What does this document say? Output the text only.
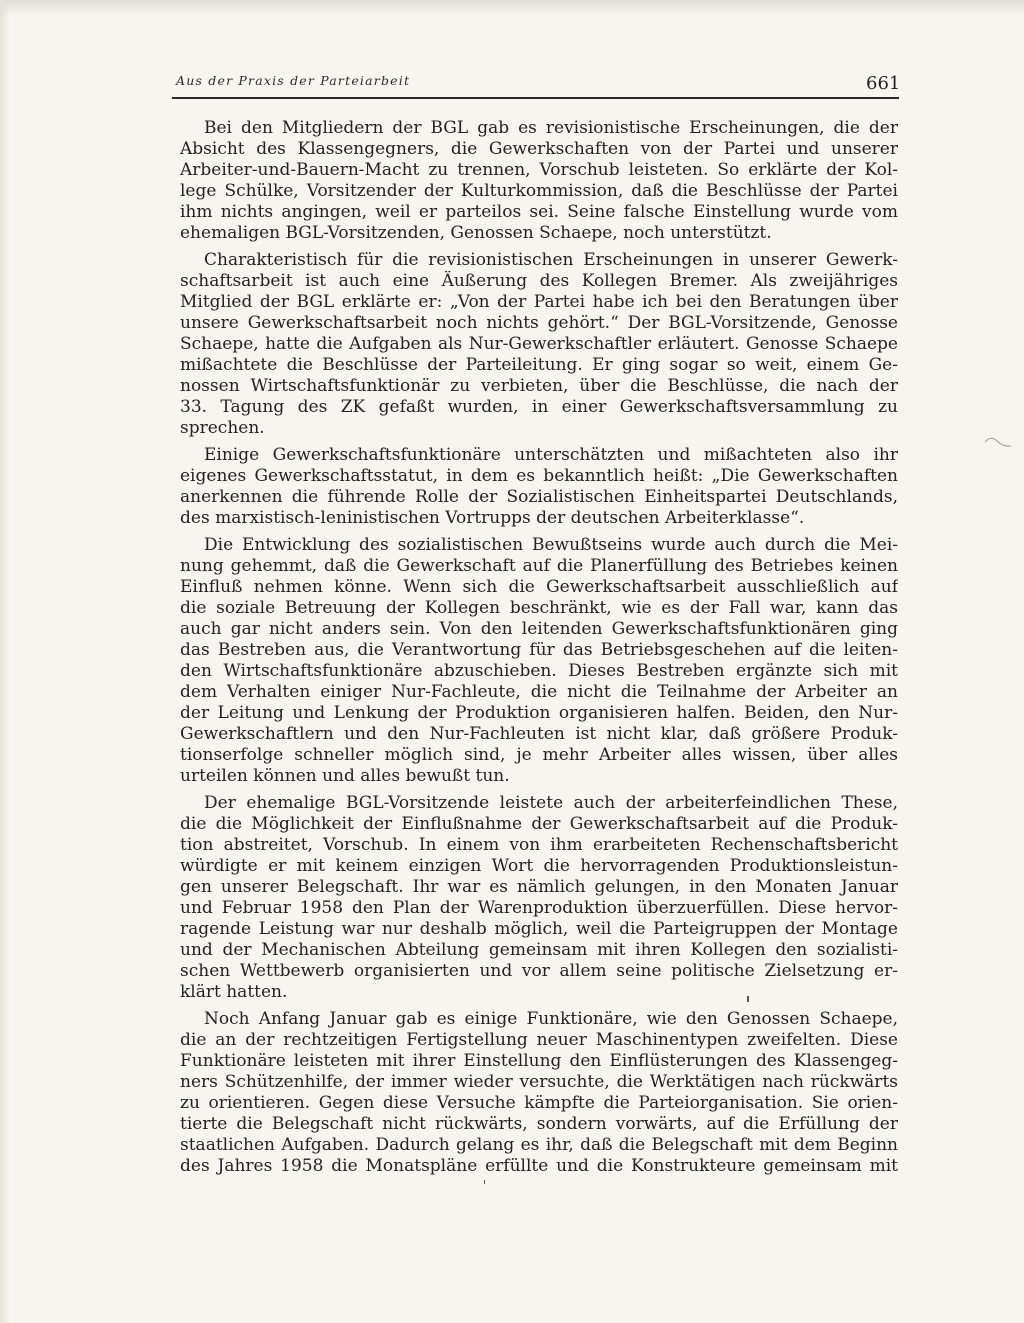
Aus der Praxis der Parteiarbeit	661
Bei den Mitgliedern der BGL gab es revisionistische Erscheinungen, die der
Absicht des Klassengegners, die Gewerkschaften von der Partei und unserer
Arbeiter-und-Bauern-Macht zu trennen, Vorschub leisteten. So erklärte der Kol-
lege Schülke, Vorsitzender der Kulturkommission, daß die Beschlüsse der Partei
ihm nichts angingen, weil er parteilos sei. Seine falsche Einstellung wurde vom
ehemaligen BGL-Vorsitzenden, Genossen Schaepe, noch unterstützt.
Charakteristisch für die revisionistischen Erscheinungen in unserer Gewerk-
schaftsarbeit ist auch eine Äußerung des Kollegen Bremer. Als zweijähriges
Mitglied der BGL erklärte er: „Von der Partei habe ich bei den Beratungen über
unsere Gewerkschaftsarbeit noch nichts gehört.“ Der BGL-Vorsitzende, Genosse
Schaepe, hatte die Aufgaben als Nur-Gewerkschaftler erläutert. Genosse Schaepe
mißachtete die Beschlüsse der Parteileitung. Er ging sogar so weit, einem Ge-
nossen Wirtschaftsfunktionär zu verbieten, über die Beschlüsse, die nach der
33. Tagung des ZK gefaßt wurden, in einer Gewerkschaftsversammlung zu
sprechen.
Einige Gewerkschaftsfunktionäre unterschätzten und mißachteten also ihr
eigenes Gewerkschaftsstatut, in dem es bekanntlich heißt: „Die Gewerkschaften
anerkennen die führende Rolle der Sozialistischen Einheitspartei Deutschlands,
des marxistisch-leninistischen Vortrupps der deutschen Arbeiterklasse“.
Die Entwicklung des sozialistischen Bewußtseins wurde auch durch die Mei-
nung gehemmt, daß die Gewerkschaft auf die Planerfüllung des Betriebes keinen
Einfluß nehmen könne. Wenn sich die Gewerkschaftsarbeit ausschließlich auf
die soziale Betreuung der Kollegen beschränkt, wie es der Fall war, kann das
auch gar nicht anders sein. Von den leitenden Gewerkschaftsfunktionären ging
das Bestreben aus, die Verantwortung für das Betriebsgeschehen auf die leiten-
den Wirtschaftsfunktionäre abzuschieben. Dieses Bestreben ergänzte sich mit
dem Verhalten einiger Nur-Fachleute, die nicht die Teilnahme der Arbeiter an
der Leitung und Lenkung der Produktion organisieren halfen. Beiden, den Nur-
Gewerkschaftlern und den Nur-Fachleuten ist nicht klar, daß größere Produk-
tionserfolge schneller möglich sind, je mehr Arbeiter alles wissen, über alles
urteilen können und alles bewußt tun.
Der ehemalige BGL-Vorsitzende leistete auch der arbeiterfeindlichen These,
die die Möglichkeit der Einflußnahme der Gewerkschaftsarbeit auf die Produk-
tion abstreitet, Vorschub. In einem von ihm erarbeiteten Rechenschaftsbericht
würdigte er mit keinem einzigen Wort die hervorragenden Produktionsleistun-
gen unserer Belegschaft. Ihr war es nämlich gelungen, in den Monaten Januar
und Februar 1958 den Plan der Warenproduktion überzuerfüllen. Diese hervor-
ragende Leistung war nur deshalb möglich, weil die Parteigruppen der Montage
und der Mechanischen Abteilung gemeinsam mit ihren Kollegen den sozialisti-
schen Wettbewerb organisierten und vor allem seine politische Zielsetzung er-
klärt hatten.
Noch Anfang Januar gab es einige Funktionäre, wie den Genossen Schaepe,
die an der rechtzeitigen Fertigstellung neuer Maschinentypen zweifelten. Diese
Funktionäre leisteten mit ihrer Einstellung den Einflüsterungen des Klassengeg-
ners Schützenhilfe, der immer wieder versuchte, die Werktätigen nach rückwärts
zu orientieren. Gegen diese Versuche kämpfte die Parteiorganisation. Sie orien-
tierte die Belegschaft nicht rückwärts, sondern vorwärts, auf die Erfüllung der
staatlichen Aufgaben. Dadurch gelang es ihr, daß die Belegschaft mit dem Beginn
des Jahres 1958 die Monatspläne erfüllte und die Konstrukteure gemeinsam mit
